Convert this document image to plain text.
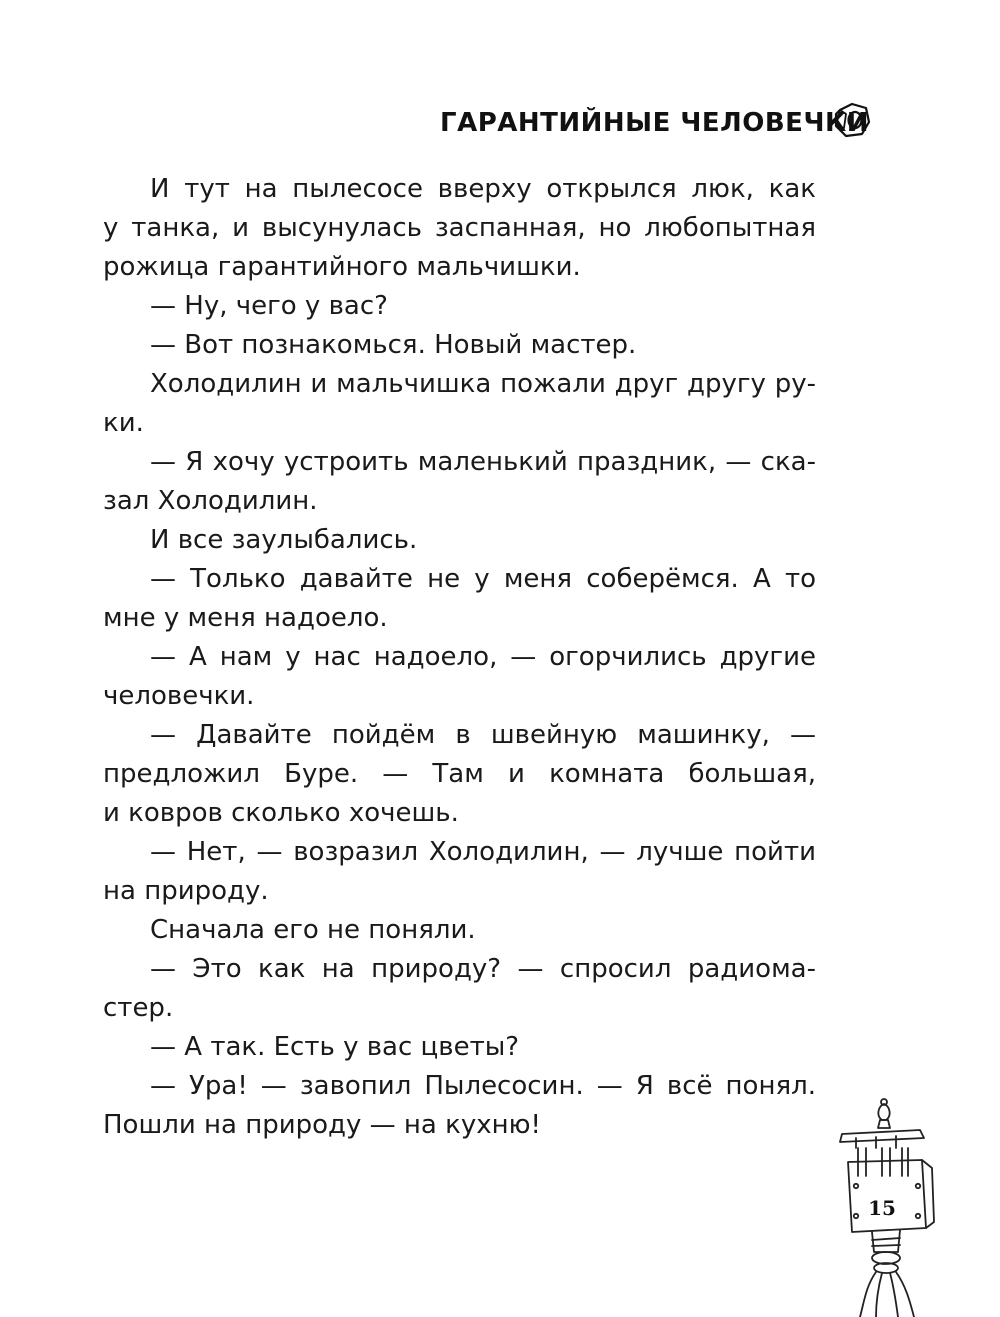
ГАРАНТИЙНЫЕ ЧЕЛОВЕЧКИ
И тут на пылесосе вверху открылся люк, как
у танка, и высунулась заспанная, но любопытная
рожица гарантийного мальчишки.
— Ну, чего у вас?
— Вот познакомься. Новый мастер.
Холодилин и мальчишка пожали друг другу ру-
ки.
— Я хочу устроить маленький праздник, — ска-
зал Холодилин.
И все заулыбались.
— Только давайте не у меня соберёмся. А то
мне у меня надоело.
— А нам у нас надоело, — огорчились другие
человечки.
— Давайте пойдём в швейную машинку, —
предложил Буре. — Там и комната большая,
и ковров сколько хочешь.
— Нет, — возразил Холодилин, — лучше пойти
на природу.
Сначала его не поняли.
— Это как на природу? — спросил радиома-
стер.
— А так. Есть у вас цветы?
— Ура! — завопил Пылесосин. — Я всё понял.
Пошли на природу — на кухню!
15
